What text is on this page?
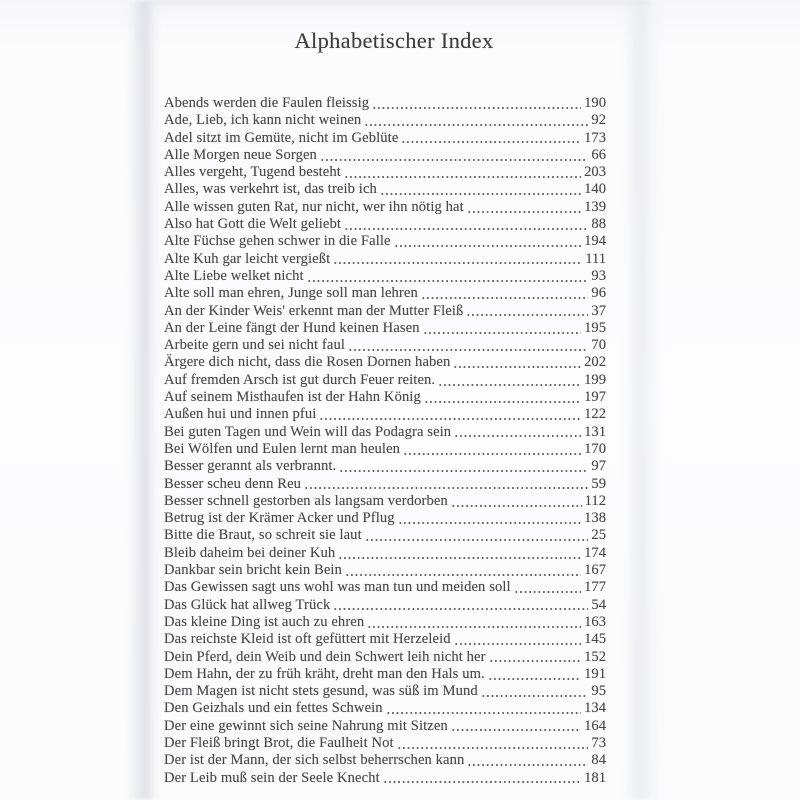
Alphabetischer Index
Abends werden die Faulen fleissig	190
Ade, Lieb, ich kann nicht weinen	92
Adel sitzt im Gemüte, nicht im Geblüte	173
Alle Morgen neue Sorgen	66
Alles vergeht, Tugend besteht	203
Alles, was verkehrt ist, das treib ich	140
Alle wissen guten Rat, nur nicht, wer ihn nötig hat	139
Also hat Gott die Welt geliebt	88
Alte Füchse gehen schwer in die Falle	194
Alte Kuh gar leicht vergießt	111
Alte Liebe welket nicht	93
Alte soll man ehren, Junge soll man lehren	96
An der Kinder Weis' erkennt man der Mutter Fleiß	37
An der Leine fängt der Hund keinen Hasen	195
Arbeite gern und sei nicht faul	70
Ärgere dich nicht, dass die Rosen Dornen haben	202
Auf fremden Arsch ist gut durch Feuer reiten.	199
Auf seinem Misthaufen ist der Hahn König	197
Außen hui und innen pfui	122
Bei guten Tagen und Wein will das Podagra sein	131
Bei Wölfen und Eulen lernt man heulen	170
Besser gerannt als verbrannt.	97
Besser scheu denn Reu	59
Besser schnell gestorben als langsam verdorben	112
Betrug ist der Krämer Acker und Pflug	138
Bitte die Braut, so schreit sie laut	25
Bleib daheim bei deiner Kuh	174
Dankbar sein bricht kein Bein	167
Das Gewissen sagt uns wohl was man tun und meiden soll	177
Das Glück hat allweg Trück	54
Das kleine Ding ist auch zu ehren	163
Das reichste Kleid ist oft gefüttert mit Herzeleid	145
Dein Pferd, dein Weib und dein Schwert leih nicht her	152
Dem Hahn, der zu früh kräht, dreht man den Hals um.	191
Dem Magen ist nicht stets gesund, was süß im Mund	95
Den Geizhals und ein fettes Schwein	134
Der eine gewinnt sich seine Nahrung mit Sitzen	164
Der Fleiß bringt Brot, die Faulheit Not	73
Der ist der Mann, der sich selbst beherrschen kann	84
Der Leib muß sein der Seele Knecht	181
